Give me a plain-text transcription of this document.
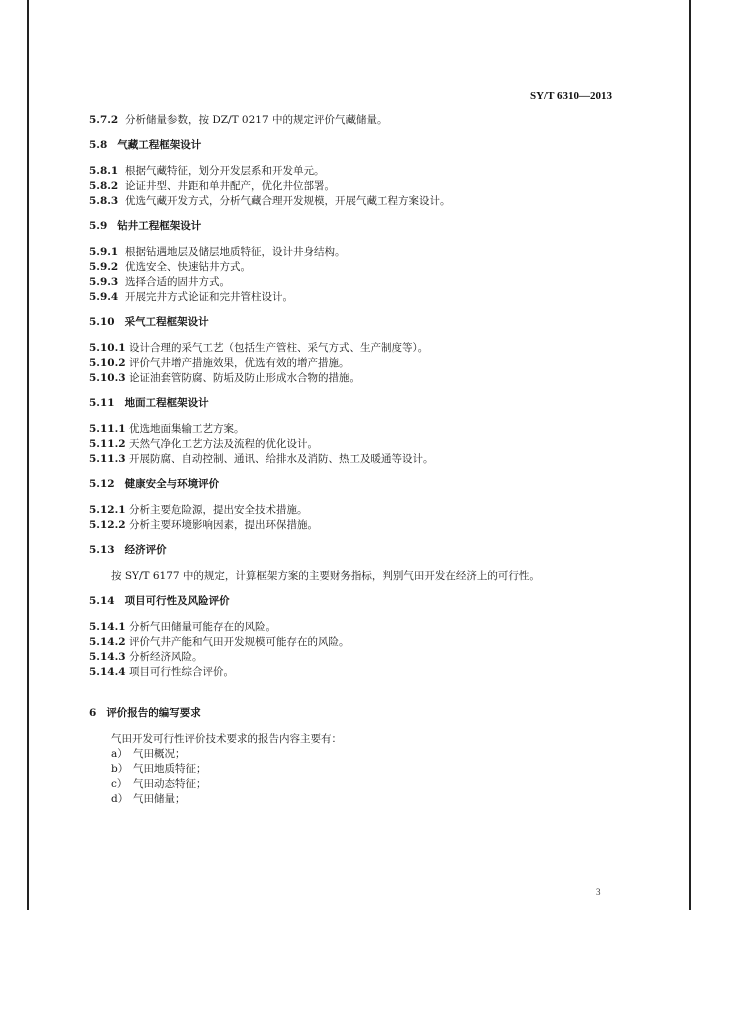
SY/T 6310—2013

5.7.2 分析储量参数，按 DZ/T 0217 中的规定评价气藏储量。

5.8 气藏工程框架设计

5.8.1 根据气藏特征，划分开发层系和开发单元。

5.8.2 论证井型、井距和单井配产，优化井位部署。

5.8.3 优选气藏开发方式，分析气藏合理开发规模，开展气藏工程方案设计。

5.9 钻井工程框架设计

5.9.1 根据钻遇地层及储层地质特征，设计井身结构。

5.9.2 优选安全、快速钻井方式。

5.9.3 选择合适的固井方式。

5.9.4 开展完井方式论证和完井管柱设计。

5.10 采气工程框架设计

5.10.1 设计合理的采气工艺（包括生产管柱、采气方式、生产制度等）。

5.10.2 评价气井增产措施效果，优选有效的增产措施。

5.10.3 论证油套管防腐、防垢及防止形成水合物的措施。

5.11 地面工程框架设计

5.11.1 优选地面集输工艺方案。

5.11.2 天然气净化工艺方法及流程的优化设计。

5.11.3 开展防腐、自动控制、通讯、给排水及消防、热工及暖通等设计。

5.12 健康安全与环境评价

5.12.1 分析主要危险源，提出安全技术措施。

5.12.2 分析主要环境影响因素，提出环保措施。

5.13 经济评价

按 SY/T 6177 中的规定，计算框架方案的主要财务指标，判别气田开发在经济上的可行性。

5.14 项目可行性及风险评价

5.14.1 分析气田储量可能存在的风险。

5.14.2 评价气井产能和气田开发规模可能存在的风险。

5.14.3 分析经济风险。

5.14.4 项目可行性综合评价。

6 评价报告的编写要求

气田开发可行性评价技术要求的报告内容主要有：

a） 气田概况；
b） 气田地质特征；
c） 气田动态特征；
d） 气田储量；
3
